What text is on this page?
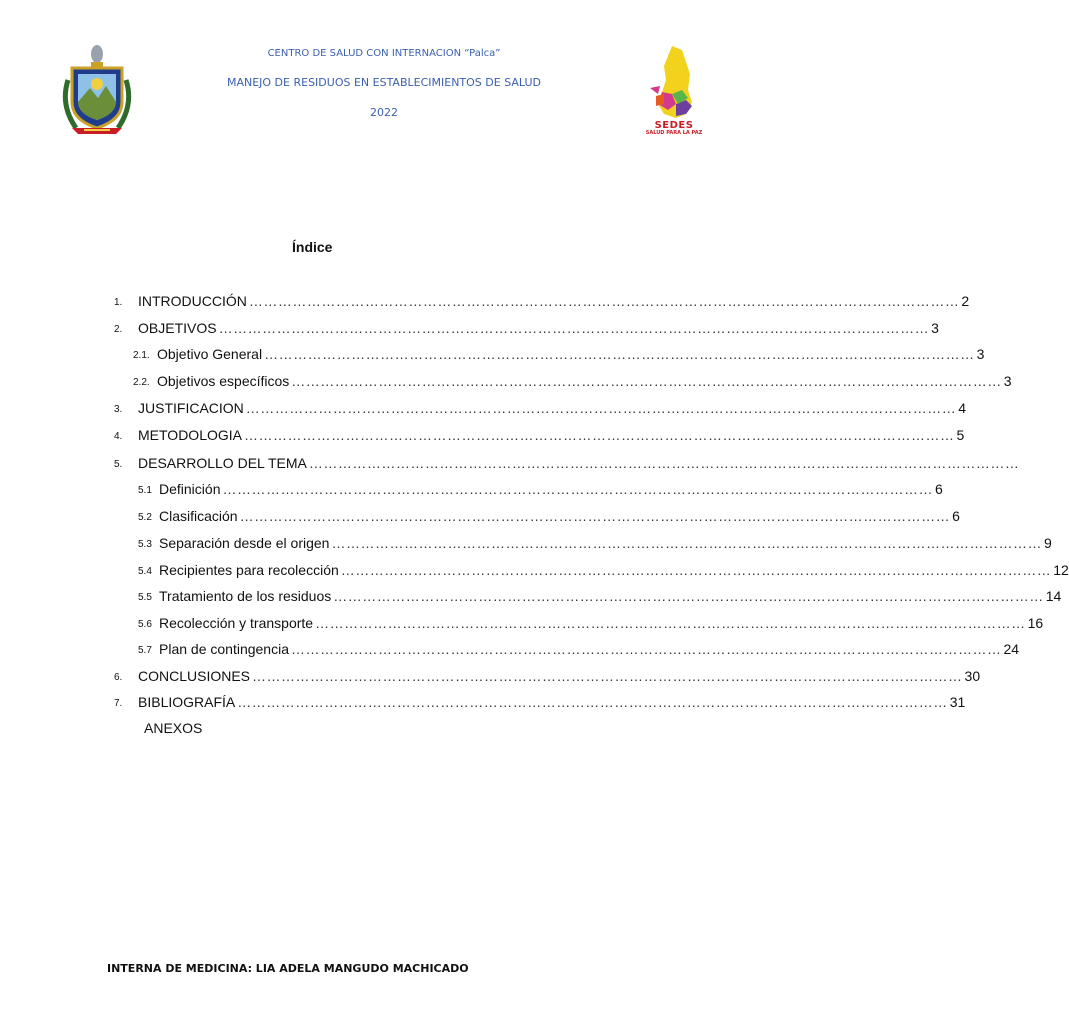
CENTRO DE SALUD CON INTERNACION “Palca”
MANEJO DE RESIDUOS EN ESTABLECIMIENTOS DE SALUD
2022
SEDES
SALUD PARA LA PAZ
Índice
1. INTRODUCCIÓN ………………………………………………………………………………………………………………………………… 2
2. OBJETIVOS ………………………………………………………………………………………………………………………………… 3
2.1. Objetivo General ………………………………………………………………………………………………………………………………… 3
2.2. Objetivos específicos ………………………………………………………………………………………………………………………………… 3
3. JUSTIFICACION ………………………………………………………………………………………………………………………………… 4
4. METODOLOGIA ………………………………………………………………………………………………………………………………… 5
5. DESARROLLO DEL TEMA …………………………………………………………………………………………………………………………………
5.1 Definición ………………………………………………………………………………………………………………………………… 6
5.2 Clasificación ………………………………………………………………………………………………………………………………… 6
5.3 Separación desde el origen ………………………………………………………………………………………………………………………………… 9
5.4 Recipientes para recolección ………………………………………………………………………………………………………………………………… 12
5.5 Tratamiento de los residuos ………………………………………………………………………………………………………………………………… 14
5.6 Recolección y transporte ………………………………………………………………………………………………………………………………… 16
5.7 Plan de contingencia ………………………………………………………………………………………………………………………………… 24
6. CONCLUSIONES ………………………………………………………………………………………………………………………………… 30
7. BIBLIOGRAFÍA ………………………………………………………………………………………………………………………………… 31
ANEXOS
INTERNA DE MEDICINA: LIA ADELA MANGUDO MACHICADO
